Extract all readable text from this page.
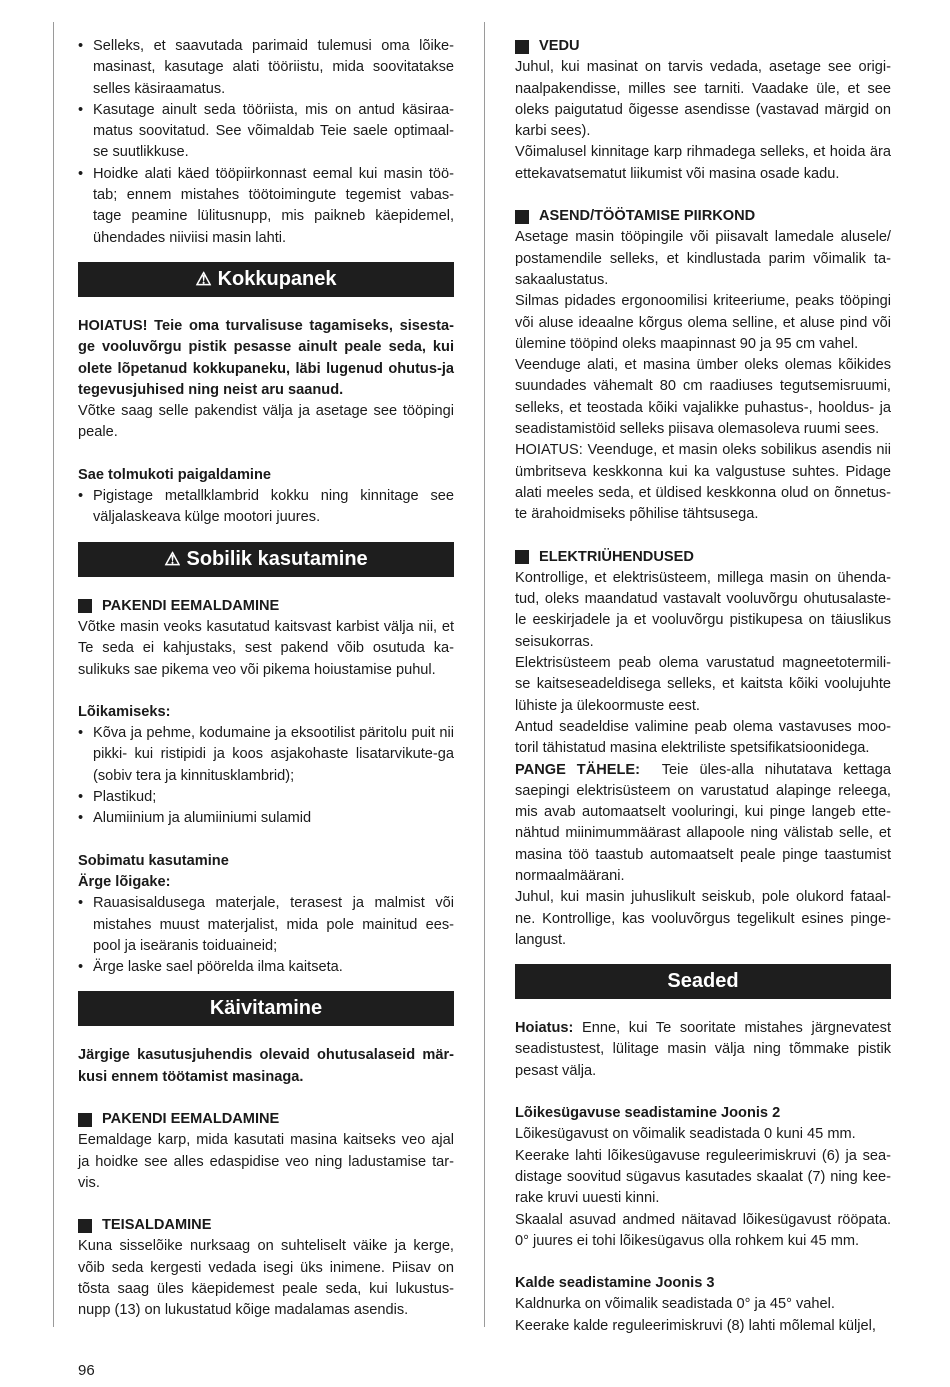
• Selleks, et saavutada parimaid tulemusi oma lõike-masinast, kasutage alati tööriistu, mida soovitatakse selles käsiraamatus.
• Kasutage ainult seda tööriista, mis on antud käsiraa-matus soovitatud. See võimaldab Teie saele optimaal-se suutlikkuse.
• Hoidke alati käed tööpiirkonnast eemal kui masin töö-tab; ennem mistahes töötoimingute tegemist vabas-tage peamine lülitusnupp, mis paikneb käepidemel, ühendades niiviisi masin lahti.
⚠ Kokkupanek

HOIATUS! Teie oma turvalisuse tagamiseks, sisesta-ge vooluvõrgu pistik pesasse ainult peale seda, kui olete lõpetanud kokkupaneku, läbi lugenud ohutus-ja tegevusjuhised ning neist aru saanud.

Võtke saag selle pakendist välja ja asetage see tööpingi peale.

Sae tolmukoti paigaldamine

• Pigistage metallklambrid kokku ning kinnitage see väljalaskeava külge mootori juures.
⚠ Sobilik kasutamine
PAKENDI EEMALDAMINE

Võtke masin veoks kasutatud kaitsvast karbist välja nii, et Te seda ei kahjustaks, sest pakend võib osutuda ka-sulikuks sae pikema veo või pikema hoiustamise puhul.

Lõikamiseks:

• Kõva ja pehme, kodumaine ja eksootilist päritolu puit nii pikki- kui ristipidi ja koos asjakohaste lisatarvikute-ga (sobiv tera ja kinnitusklambrid);
• Plastikud;
• Alumiinium ja alumiiniumi sulamid

Sobimatu kasutamine

Ärge lõigake:

• Rauasisaldusega materjale, terasest ja malmist või mistahes muust materjalist, mida pole mainitud ees-pool ja iseäranis toiduaineid;
• Ärge laske sael pöörelda ilma kaitseta.
Käivitamine

Järgige kasutusjuhendis olevaid ohutusalaseid mär-kusi ennem töötamist masinaga.

PAKENDI EEMALDAMINE

Eemaldage karp, mida kasutati masina kaitseks veo ajal ja hoidke see alles edaspidise veo ning ladustamise tar-vis.

TEISALDAMINE

Kuna sisselõike nurksaag on suhteliselt väike ja kerge, võib seda kergesti vedada isegi üks inimene. Piisav on tõsta saag üles käepidemest peale seda, kui lukustus-nupp (13) on lukustatud kõige madalamas asendis.

VEDU

Juhul, kui masinat on tarvis vedada, asetage see origi-naalpakendisse, milles see tarniti. Vaadake üle, et see oleks paigutatud õigesse asendisse (vastavad märgid on karbi sees).

Võimalusel kinnitage karp rihmadega selleks, et hoida ära ettekavatsematut liikumist või masina osade kadu.

ASEND/TÖÖTAMISE PIIRKOND

Asetage masin tööpingile või piisavalt lamedale alusele/ postamendile selleks, et kindlustada parim võimalik ta-sakaalustatus.

Silmas pidades ergonoomilisi kriteeriume, peaks tööpingi või aluse ideaalne kõrgus olema selline, et aluse pind või ülemine tööpind oleks maapinnast 90 ja 95 cm vahel.

Veenduge alati, et masina ümber oleks olemas kõikides suundades vähemalt 80 cm raadiuses tegutsemisruumi, selleks, et teostada kõiki vajalikke puhastus-, hooldus- ja seadistamistöid selleks piisava olemasoleva ruumi sees.

HOIATUS: Veenduge, et masin oleks sobilikus asendis nii ümbritseva keskkonna kui ka valgustuse suhtes. Pidage alati meeles seda, et üldised keskkonna olud on õnnetus-te ärahoidmiseks põhilise tähtsusega.

ELEKTRIÜHENDUSED

Kontrollige, et elektrisüsteem, millega masin on ühenda-tud, oleks maandatud vastavalt vooluvõrgu ohutusalaste-le eeskirjadele ja et vooluvõrgu pistikupesa on täiuslikus seisukorras.

Elektrisüsteem peab olema varustatud magneetotermili-se kaitseseadeldisega selleks, et kaitsta kõiki voolujuhte lühiste ja ülekoormuste eest.

Antud seadeldise valimine peab olema vastavuses moo-toril tähistatud masina elektriliste spetsifikatsioonidega.

PANGE TÄHELE: Teie üles-alla nihutatava kettaga saepingi elektrisüsteem on varustatud alapinge releega, mis avab automaatselt vooluringi, kui pinge langeb ette-nähtud miinimummäärast allapoole ning välistab selle, et masina töö taastub automaatselt peale pinge taastumist normaalmäärani.

Juhul, kui masin juhuslikult seiskub, pole olukord fataal-ne. Kontrollige, kas vooluvõrgus tegelikult esines pinge-langust.

Seaded

Hoiatus: Enne, kui Te sooritate mistahes järgnevatest seadistustest, lülitage masin välja ning tõmmake pistik pesast välja.

Lõikesügavuse seadistamine Joonis 2

Lõikesügavust on võimalik seadistada 0 kuni 45 mm.

Keerake lahti lõikesügavuse reguleerimiskruvi (6) ja sea-distage soovitud sügavus kasutades skaalat (7) ning kee-rake kruvi uuesti kinni.

Skaalal asuvad andmed näitavad lõikesügavust rööpata. 0° juures ei tohi lõikesügavus olla rohkem kui 45 mm.

Kalde seadistamine Joonis 3

Kaldnurka on võimalik seadistada 0° ja 45° vahel.

Keerake kalde reguleerimiskruvi (8) lahti mõlemal küljel,

96
